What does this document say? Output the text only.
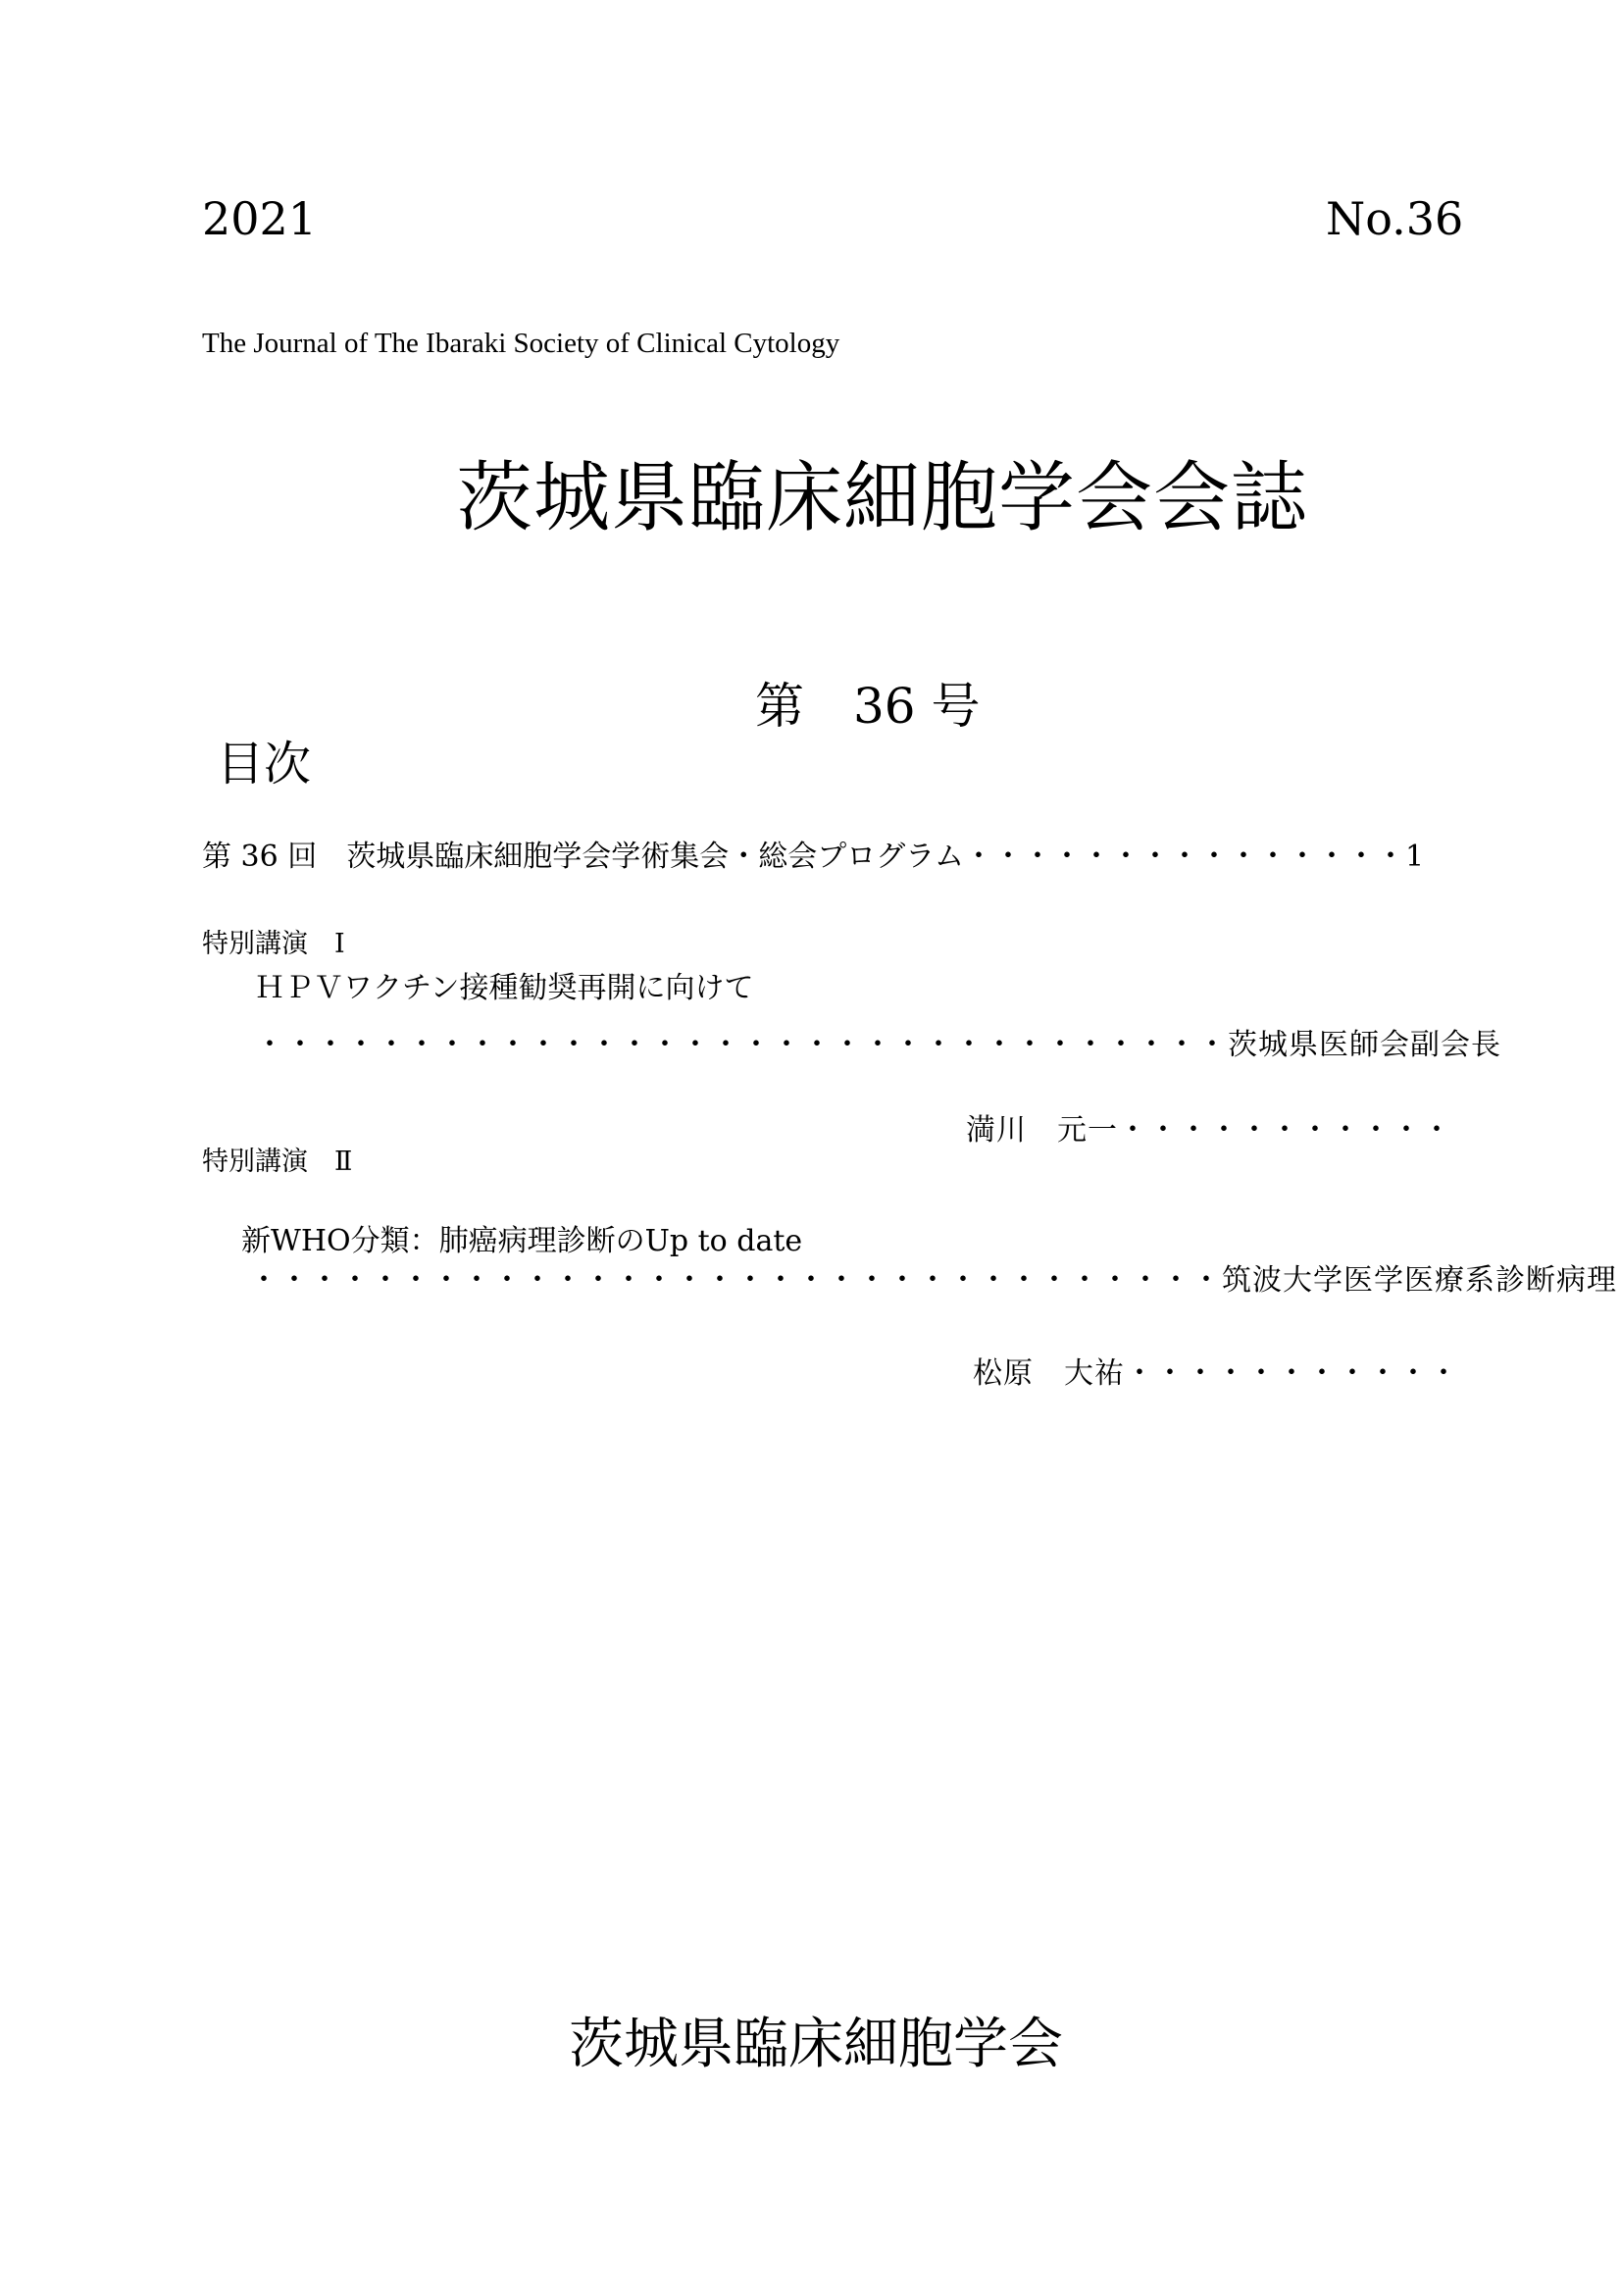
2021	No.36
The Journal of The Ibaraki Society of Clinical Cytology
茨城県臨床細胞学会会誌
第　36 号
目次
第 36 回　茨城県臨床細胞学会学術集会・総会プログラム・・・・・・・・・・・・・・・1
特別講演　Ⅰ
ＨＰＶワクチン接種勧奨再開に向けて
・・・・・・・・・・・・・・・・・・・・・・・・・・・・・・・・茨城県医師会副会長
満川　元一・・・・・・・・・・・
特別講演　Ⅱ
新WHO分類：肺癌病理診断のUp to date
・・・・・・・・・・・・・・・・・・・・・・・・・・・・・・・・筑波大学医学医療系診断病理
松原　大祐・・・・・・・・・・・
茨城県臨床細胞学会
